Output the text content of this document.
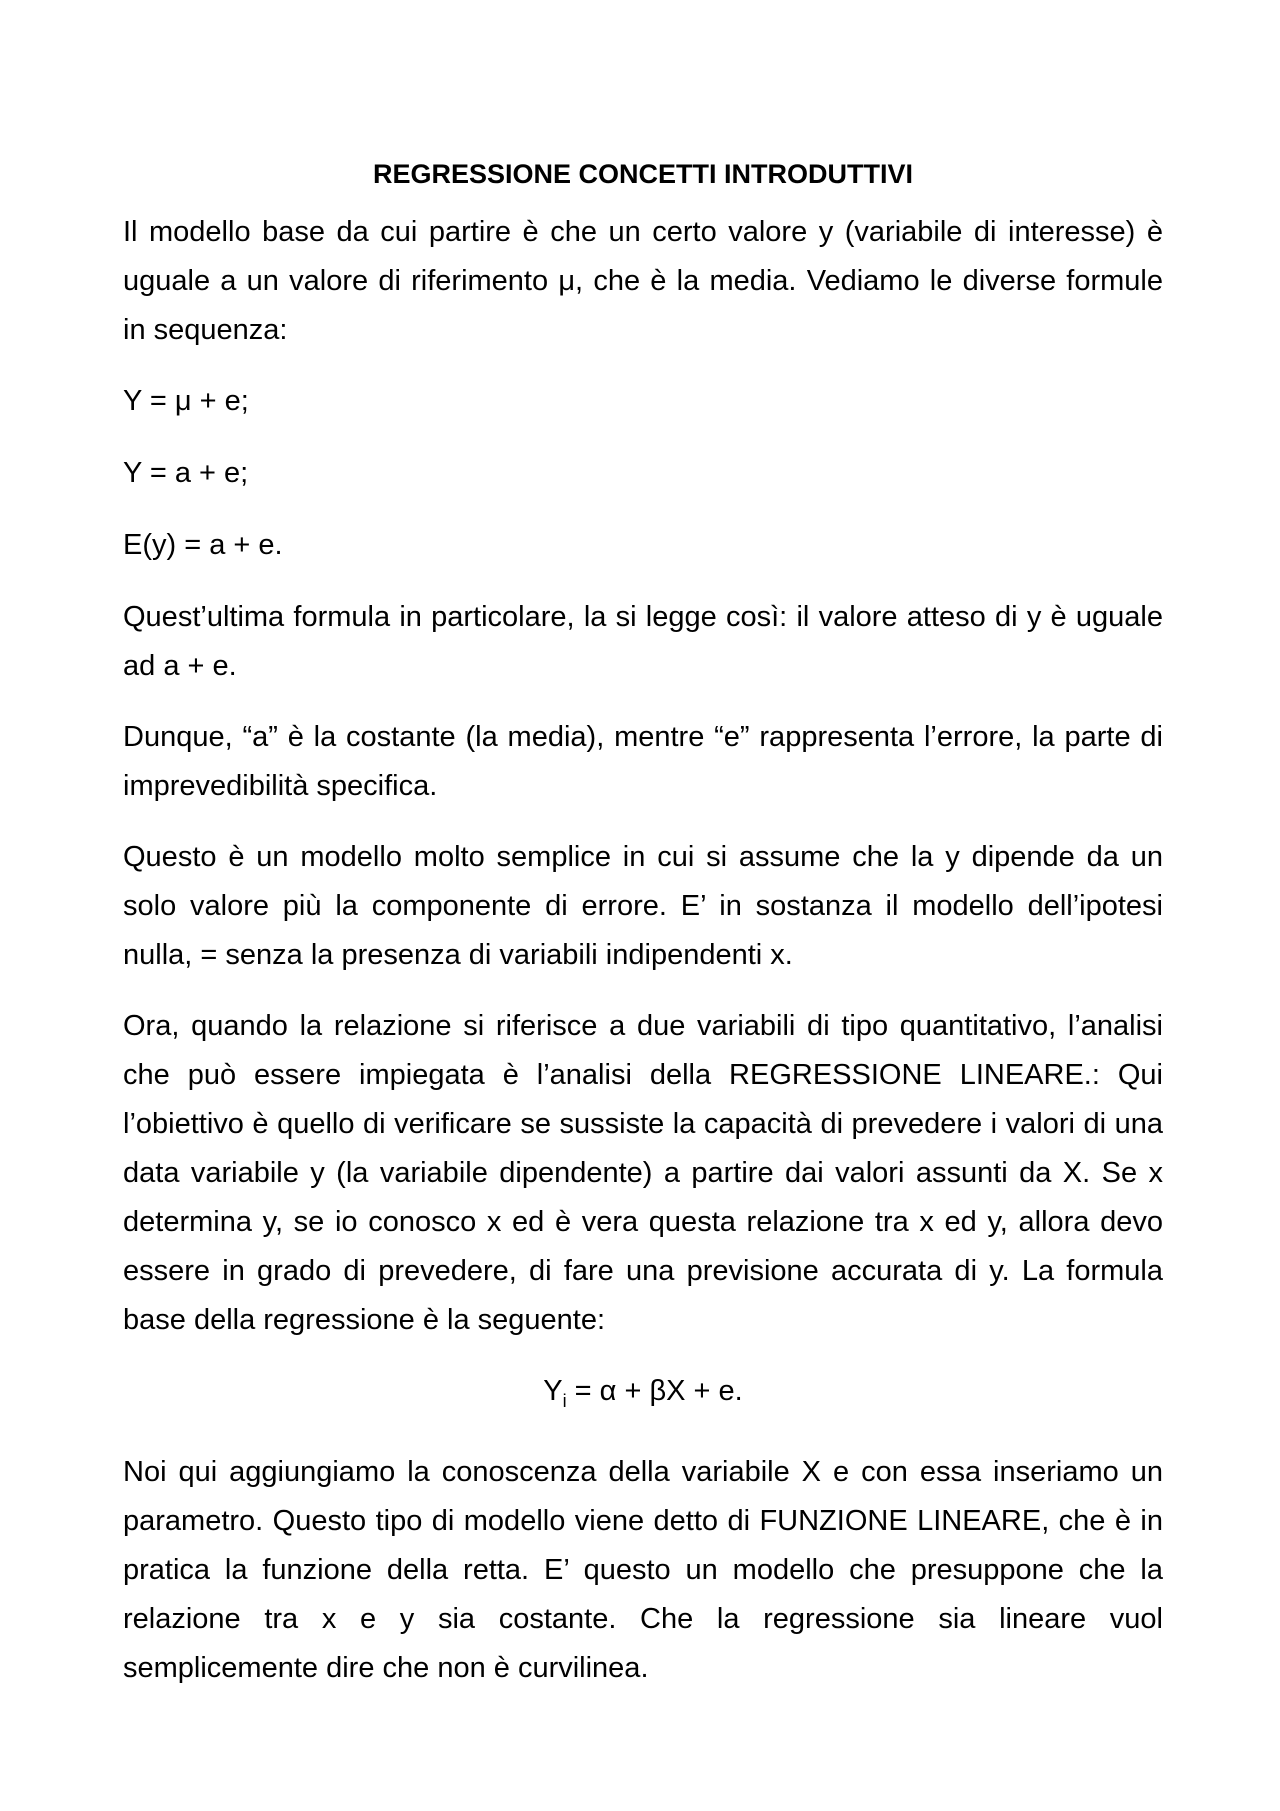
REGRESSIONE CONCETTI INTRODUTTIVI

Il modello base da cui partire è che un certo valore y (variabile di interesse) è uguale a un valore di riferimento μ, che è la media. Vediamo le diverse formule in sequenza:

Y = μ + e;

Y = a + e;

E(y) = a + e.

Quest’ultima formula in particolare, la si legge così: il valore atteso di y è uguale ad a + e.

Dunque, “a” è la costante (la media), mentre “e” rappresenta l’errore, la parte di imprevedibilità specifica.

Questo è un modello molto semplice in cui si assume che la y dipende da un solo valore più la componente di errore. E’ in sostanza il modello dell’ipotesi nulla, = senza la presenza di variabili indipendenti x.

Ora, quando la relazione si riferisce a due variabili di tipo quantitativo, l’analisi che può essere impiegata è l’analisi della REGRESSIONE LINEARE.: Qui l’obiettivo è quello di verificare se sussiste la capacità di prevedere i valori di una data variabile y (la variabile dipendente) a partire dai valori assunti da X. Se x determina y, se io conosco x ed è vera questa relazione tra x ed y, allora devo essere in grado di prevedere, di fare una previsione accurata di y. La formula base della regressione è la seguente:

$Y_i = \alpha + \beta X + e$.

Noi qui aggiungiamo la conoscenza della variabile X e con essa inseriamo un parametro. Questo tipo di modello viene detto di FUNZIONE LINEARE, che è in pratica la funzione della retta. E’ questo un modello che presuppone che la relazione tra x e y sia costante. Che la regressione sia lineare vuol semplicemente dire che non è curvilinea.
